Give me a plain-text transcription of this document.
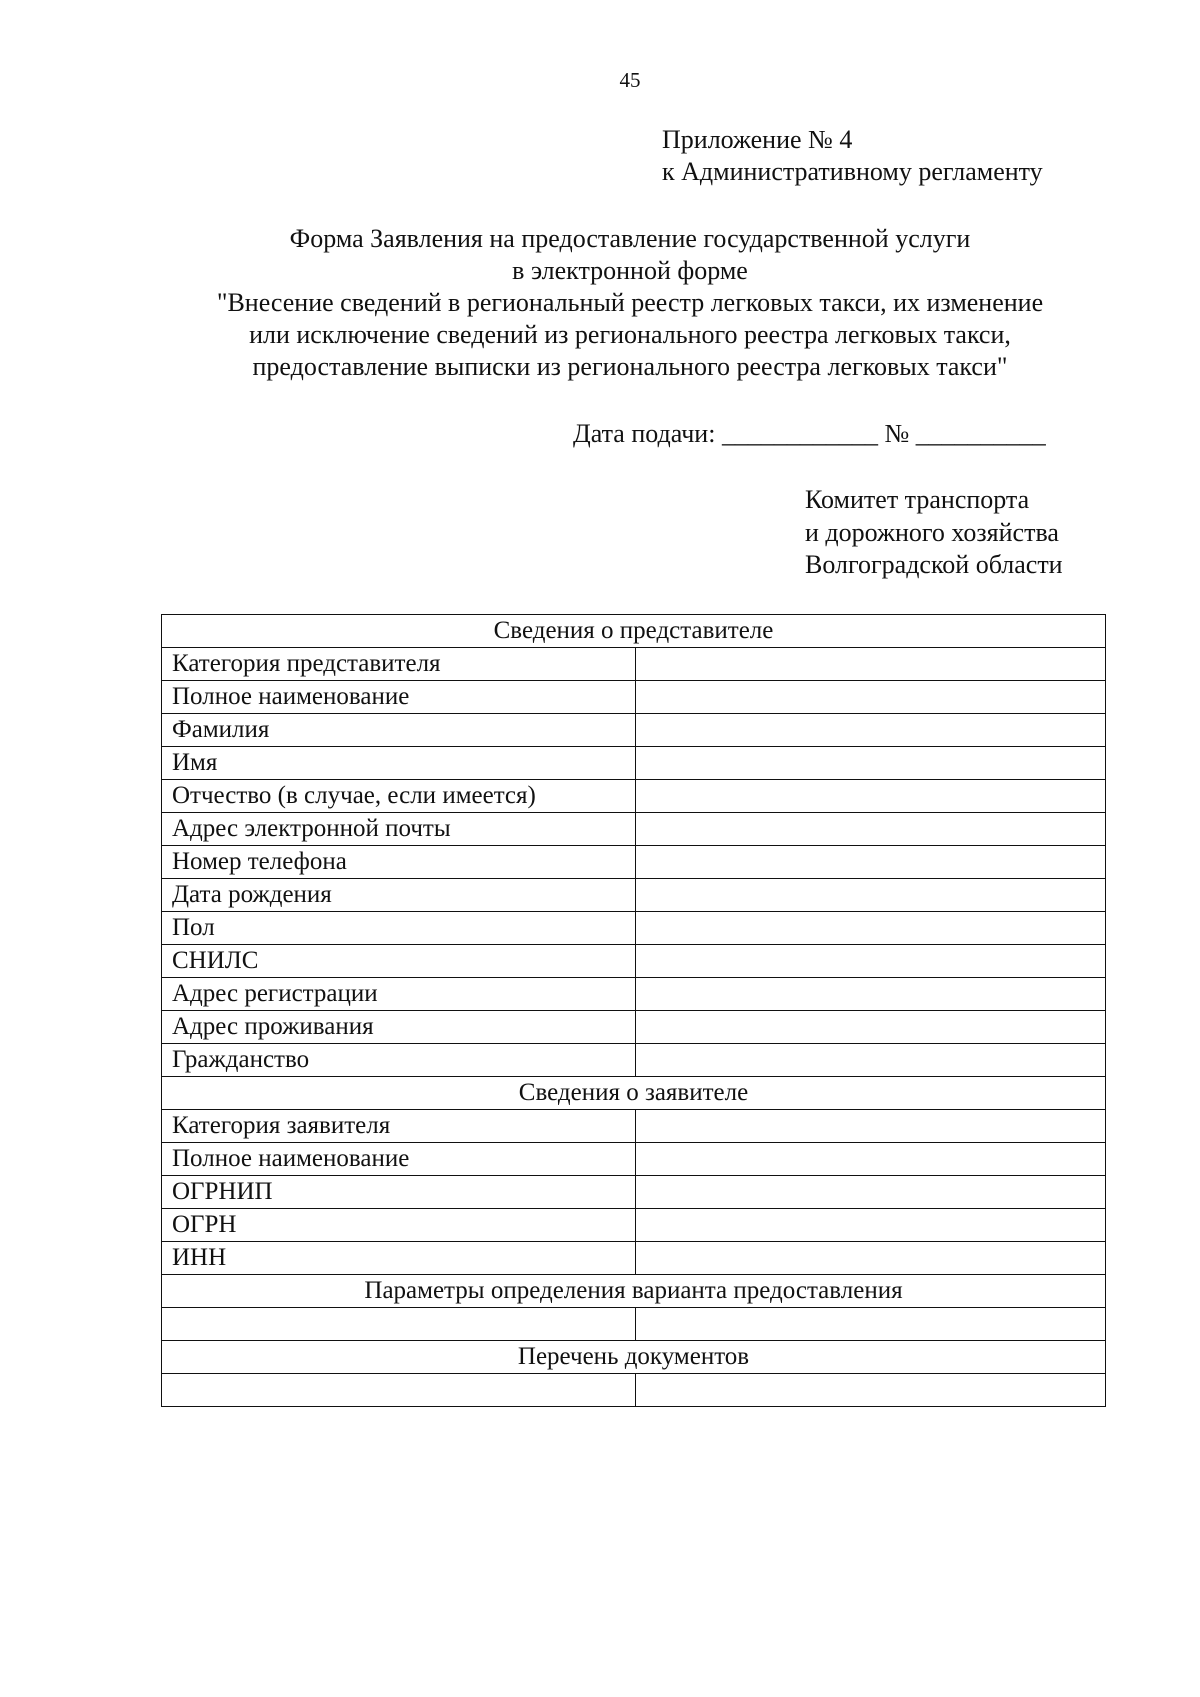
45
Приложение № 4
к Административному регламенту
Форма Заявления на предоставление государственной услуги
в электронной форме
"Внесение сведений в региональный реестр легковых такси, их изменение
или исключение сведений из регионального реестра легковых такси,
предоставление выписки из регионального реестра легковых такси"
Дата подачи: ____________ № __________
Комитет транспорта
и дорожного хозяйства
Волгоградской области
Сведения о представителе	
Категория представителя	
Полное наименование	
Фамилия	
Имя	
Отчество (в случае, если имеется)	
Адрес электронной почты	
Номер телефона	
Дата рождения	
Пол	
СНИЛС	
Адрес регистрации	
Адрес проживания	
Гражданство	
Сведения о заявителе	
Категория заявителя	
Полное наименование	
ОГРНИП	
ОГРН	
ИНН	
Параметры определения варианта предоставления	

Перечень документов	
